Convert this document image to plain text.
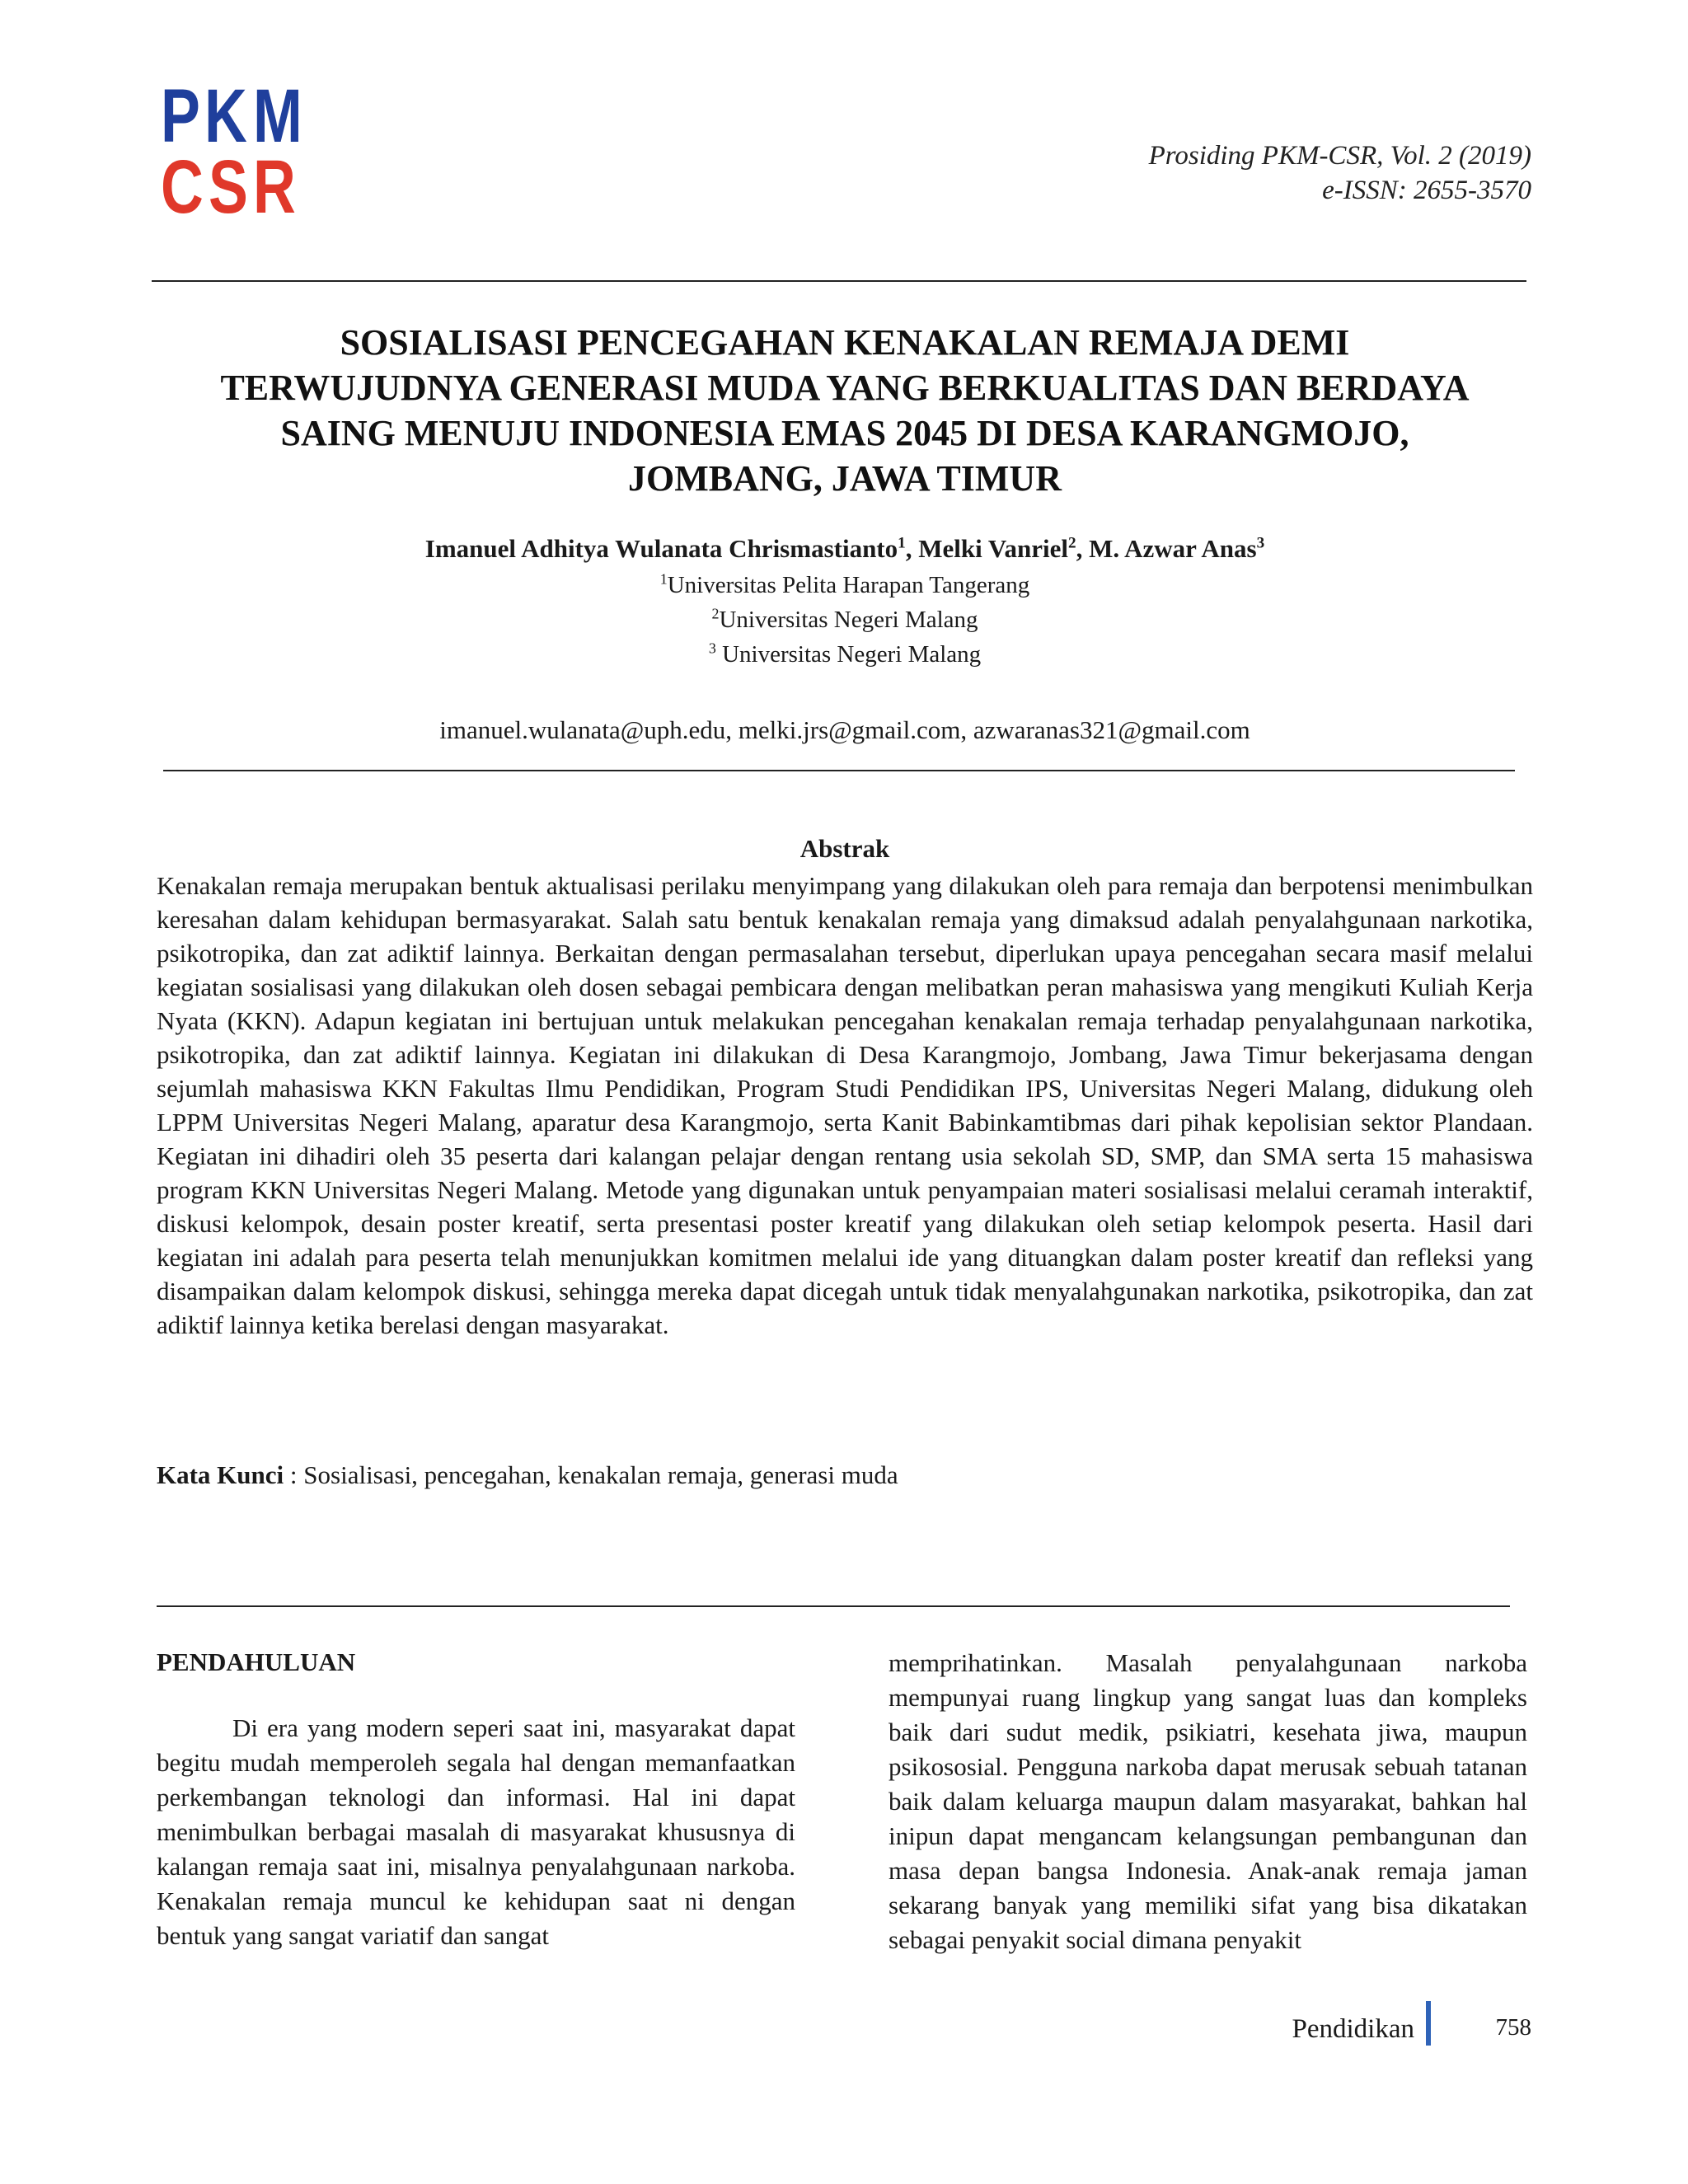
P K M
C S R	Prosiding PKM-CSR, Vol. 2 (2019)
e-ISSN: 2655-3570
SOSIALISASI PENCEGAHAN KENAKALAN REMAJA DEMI
TERWUJUDNYA GENERASI MUDA YANG BERKUALITAS DAN BERDAYA
SAING MENUJU INDONESIA EMAS 2045 DI DESA KARANGMOJO,
JOMBANG, JAWA TIMUR
Imanuel Adhitya Wulanata Chrismastianto$^1$, Melki Vanriel$^2$, M. Azwar Anas$^3$
$^1$Universitas Pelita Harapan Tangerang
$^2$Universitas Negeri Malang
$^3$ Universitas Negeri Malang
imanuel.wulanata@uph.edu, melki.jrs@gmail.com, azwaranas321@gmail.com
Abstrak
Kenakalan remaja merupakan bentuk aktualisasi perilaku menyimpang yang dilakukan oleh para remaja dan berpotensi menimbulkan keresahan dalam kehidupan bermasyarakat. Salah satu bentuk kenakalan remaja yang dimaksud adalah penyalahgunaan narkotika, psikotropika, dan zat adiktif lainnya. Berkaitan dengan permasalahan tersebut, diperlukan upaya pencegahan secara masif melalui kegiatan sosialisasi yang dilakukan oleh dosen sebagai pembicara dengan melibatkan peran mahasiswa yang mengikuti Kuliah Kerja Nyata (KKN). Adapun kegiatan ini bertujuan untuk melakukan pencegahan kenakalan remaja terhadap penyalahgunaan narkotika, psikotropika, dan zat adiktif lainnya. Kegiatan ini dilakukan di Desa Karangmojo, Jombang, Jawa Timur bekerjasama dengan sejumlah mahasiswa KKN Fakultas Ilmu Pendidikan, Program Studi Pendidikan IPS, Universitas Negeri Malang, didukung oleh LPPM Universitas Negeri Malang, aparatur desa Karangmojo, serta Kanit Babinkamtibmas dari pihak kepolisian sektor Plandaan. Kegiatan ini dihadiri oleh 35 peserta dari kalangan pelajar dengan rentang usia sekolah SD, SMP, dan SMA serta 15 mahasiswa program KKN Universitas Negeri Malang. Metode yang digunakan untuk penyampaian materi sosialisasi melalui ceramah interaktif, diskusi kelompok, desain poster kreatif, serta presentasi poster kreatif yang dilakukan oleh setiap kelompok peserta. Hasil dari kegiatan ini adalah para peserta telah menunjukkan komitmen melalui ide yang dituangkan dalam poster kreatif dan refleksi yang disampaikan dalam kelompok diskusi, sehingga mereka dapat dicegah untuk tidak menyalahgunakan narkotika, psikotropika, dan zat adiktif lainnya ketika berelasi dengan masyarakat.
Kata Kunci : Sosialisasi, pencegahan, kenakalan remaja, generasi muda
PENDAHULUAN
Di era yang modern seperi saat ini, masyarakat dapat begitu mudah memperoleh segala hal dengan memanfaatkan perkembangan teknologi dan informasi. Hal ini dapat menimbulkan berbagai masalah di masyarakat khususnya di kalangan remaja saat ini, misalnya penyalahgunaan narkoba. Kenakalan remaja muncul ke kehidupan saat ni dengan bentuk yang sangat variatif dan sangat
memprihatinkan. Masalah penyalahgunaan narkoba mempunyai ruang lingkup yang sangat luas dan kompleks baik dari sudut medik, psikiatri, kesehata jiwa, maupun psikososial. Pengguna narkoba dapat merusak sebuah tatanan baik dalam keluarga maupun dalam masyarakat, bahkan hal inipun dapat mengancam kelangsungan pembangunan dan masa depan bangsa Indonesia. Anak-anak remaja jaman sekarang banyak yang memiliki sifat yang bisa dikatakan sebagai penyakit social dimana penyakit
Pendidikan	758
